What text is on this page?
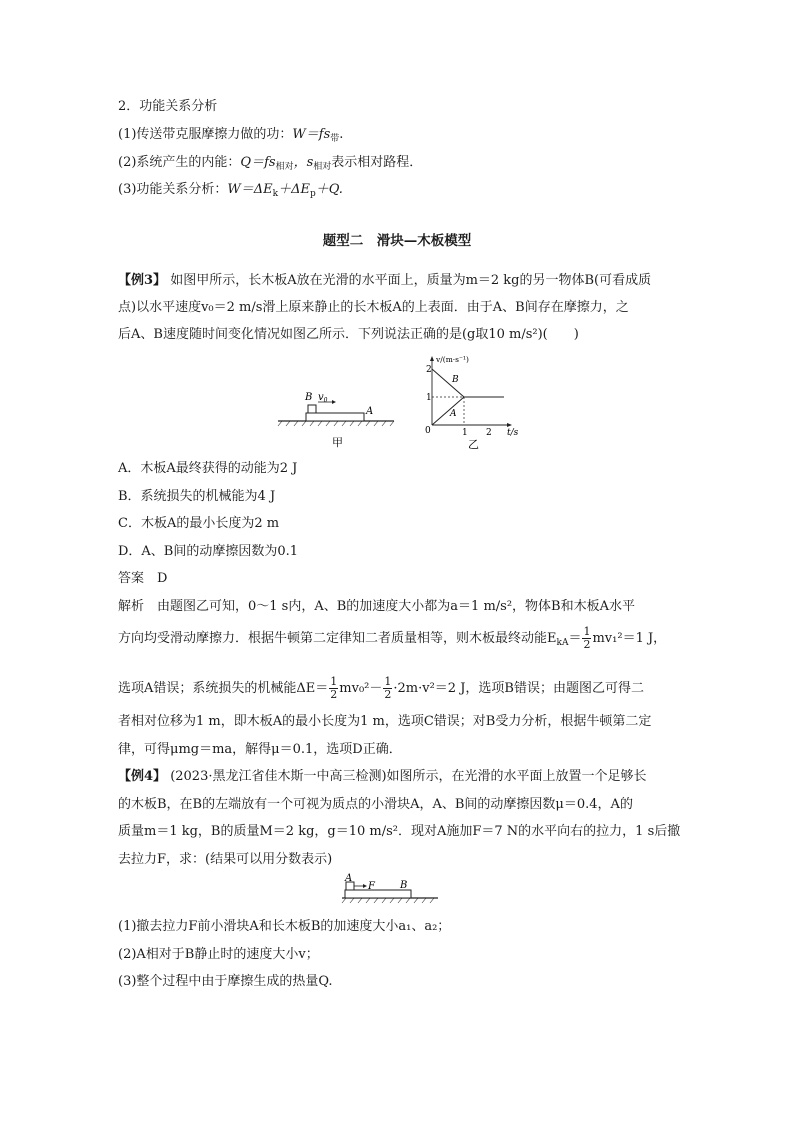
2．功能关系分析
(1)传送带克服摩擦力做的功：$W=fs_带$.
(2)系统产生的内能：$Q=fs_{相对}$，$s_{相对}$表示相对路程．
(3)功能关系分析：$W=\Delta E_k+\Delta E_p+Q$.
题型二　滑块—木板模型
【例3】 如图甲所示，长木板A放在光滑的水平面上，质量为m＝2 kg的另一物体B(可看成质
点)以水平速度v₀＝2 m/s滑上原来静止的长木板A的上表面．由于A、B间存在摩擦力，之
后A、B速度随时间变化情况如图乙所示．下列说法正确的是(g取10 m/s²)(　　)
B $v_0$
A
甲
v/(m·s⁻¹)
t/s
2
1
0	1 2
B
A
乙
A．木板A最终获得的动能为2 J
B．系统损失的机械能为4 J
C．木板A的最小长度为2 m
D．A、B间的动摩擦因数为0.1
答案　D
解析　由题图乙可知，0～1 s内，A、B的加速度大小都为a＝1 m/s²，物体B和木板A水平
方向均受滑动摩擦力．根据牛顿第二定律知二者质量相等，则木板最终动能$E_{kA}= \frac{1}{2} mv_1^2=1$ J，
选项A错误；系统损失的机械能$\Delta E= \frac{1}{2} mv_0^2- \frac{1}{2} \cdot 2m\cdot v^2=2$ J，选项B错误；由题图乙可得二
者相对位移为1 m，即木板A的最小长度为1 m，选项C错误；对B受力分析，根据牛顿第二定
律，可得μmg＝ma，解得μ＝0.1，选项D正确．
【例4】 (2023·黑龙江省佳木斯一中高三检测)如图所示，在光滑的水平面上放置一个足够长
的木板B，在B的左端放有一个可视为质点的小滑块A，A、B间的动摩擦因数μ＝0.4，A的
质量m＝1 kg，B的质量M＝2 kg，g＝10 m/s²．现对A施加F＝7 N的水平向右的拉力，1 s后撤
去拉力F，求：(结果可以用分数表示)
A
F	B
(1)撤去拉力F前小滑块A和长木板B的加速度大小a₁、a₂；
(2)A相对于B静止时的速度大小v；
(3)整个过程中由于摩擦生成的热量Q.
